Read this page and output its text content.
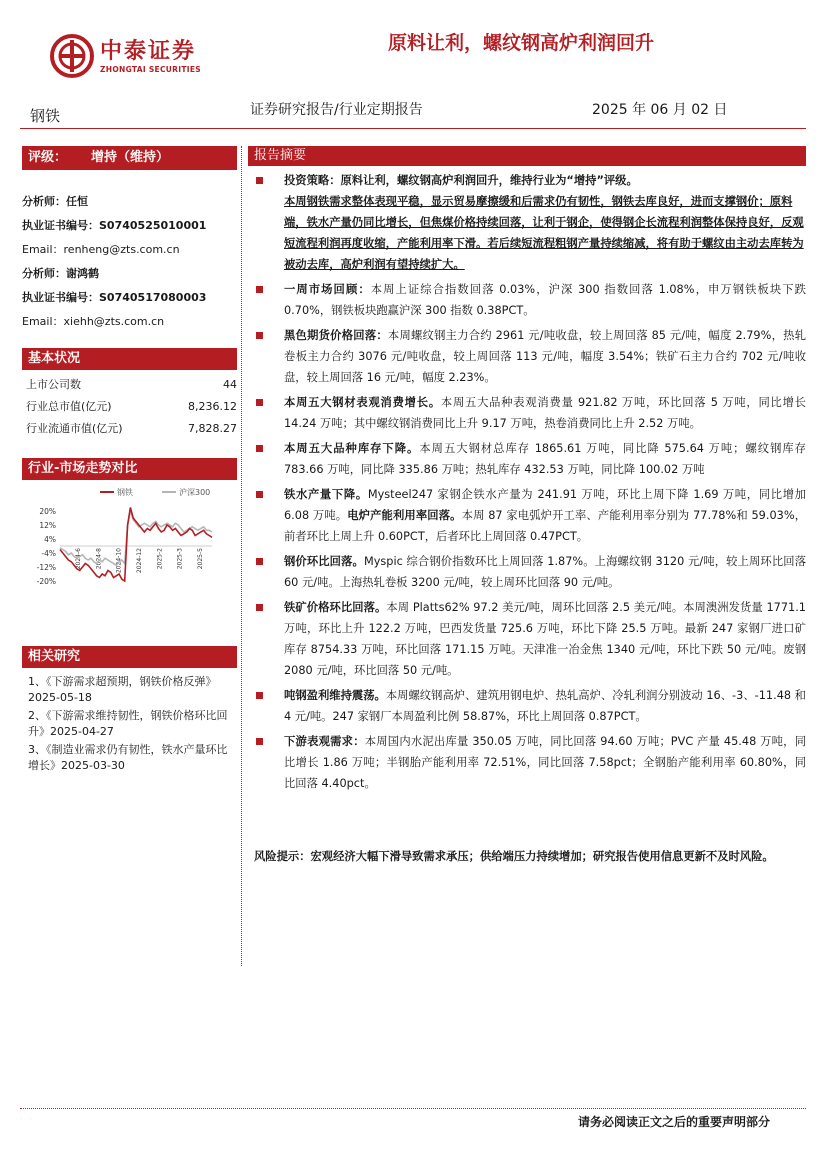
中泰证券
ZHONGTAI SECURITIES
原料让利，螺纹钢高炉利润回升
钢铁	证券研究报告/行业定期报告	2025 年 06 月 02 日
评级： 增持（维持）
分析师：任恒
执业证书编号：S0740525010001
Email：renheng@zts.com.cn
分析师：谢鸿鹤
执业证书编号：S0740517080003
Email：xiehh@zts.com.cn
基本状况
上市公司数	44
行业总市值(亿元)	8,236.12
行业流通市值(亿元)	7,828.27
行业-市场走势对比
钢铁	沪深300
20%
12%
4%
-4%
-12%
-20%
2024-6 2024-8 2024-10 2024-12 2025-2 2025-3 2025-5
相关研究
1、《下游需求超预期，钢铁价格反弹》2025-05-18
2、《下游需求维持韧性，钢铁价格环比回升》2025-04-27
3、《制造业需求仍有韧性，铁水产量环比增长》2025-03-30
报告摘要
投资策略：原料让利，螺纹钢高炉利润回升，维持行业为“增持”评级。
本周钢铁需求整体表现平稳，显示贸易摩擦缓和后需求仍有韧性，钢铁去库良好，进而支撑钢价；原料端，铁水产量仍同比增长，但焦煤价格持续回落，让利于钢企，使得钢企长流程利润整体保持良好，反观短流程利润再度收缩，产能利用率下滑。若后续短流程粗钢产量持续缩减，将有助于螺纹由主动去库转为被动去库，高炉利润有望持续扩大。
一周市场回顾：本周上证综合指数回落 0.03%，沪深 300 指数回落 1.08%，申万钢铁板块下跌 0.70%，钢铁板块跑赢沪深 300 指数 0.38PCT。
黑色期货价格回落：本周螺纹钢主力合约 2961 元/吨收盘，较上周回落 85 元/吨，幅度 2.79%，热轧卷板主力合约 3076 元/吨收盘，较上周回落 113 元/吨，幅度 3.54%；铁矿石主力合约 702 元/吨收盘，较上周回落 16 元/吨，幅度 2.23%。
本周五大钢材表观消费增长。本周五大品种表观消费量 921.82 万吨，环比回落 5 万吨，同比增长 14.24 万吨；其中螺纹钢消费同比上升 9.17 万吨，热卷消费同比上升 2.52 万吨。
本周五大品种库存下降。本周五大钢材总库存 1865.61 万吨，同比降 575.64 万吨；螺纹钢库存 783.66 万吨，同比降 335.86 万吨；热轧库存 432.53 万吨，同比降 100.02 万吨
铁水产量下降。Mysteel247 家钢企铁水产量为 241.91 万吨，环比上周下降 1.69 万吨，同比增加 6.08 万吨。电炉产能利用率回落。本周 87 家电弧炉开工率、产能利用率分别为 77.78%和 59.03%，前者环比上周上升 0.60PCT，后者环比上周回落 0.47PCT。
钢价环比回落。Myspic 综合钢价指数环比上周回落 1.87%。上海螺纹钢 3120 元/吨，较上周环比回落 60 元/吨。上海热轧卷板 3200 元/吨，较上周环比回落 90 元/吨。
铁矿价格环比回落。本周 Platts62% 97.2 美元/吨，周环比回落 2.5 美元/吨。本周澳洲发货量 1771.1 万吨，环比上升 122.2 万吨，巴西发货量 725.6 万吨，环比下降 25.5 万吨。最新 247 家钢厂进口矿库存 8754.33 万吨，环比回落 171.15 万吨。天津准一冶金焦 1340 元/吨，环比下跌 50 元/吨。废钢 2080 元/吨，环比回落 50 元/吨。
吨钢盈利维持震荡。本周螺纹钢高炉、建筑用钢电炉、热轧高炉、冷轧利润分别波动 16、-3、-11.48 和 4 元/吨。247 家钢厂本周盈利比例 58.87%，环比上周回落 0.87PCT。
下游表观需求：本周国内水泥出库量 350.05 万吨，同比回落 94.60 万吨；PVC 产量 45.48 万吨，同比增长 1.86 万吨；半钢胎产能利用率 72.51%，同比回落 7.58pct；全钢胎产能利用率 60.80%，同比回落 4.40pct。
风险提示：宏观经济大幅下滑导致需求承压；供给端压力持续增加；研究报告使用信息更新不及时风险。
请务必阅读正文之后的重要声明部分
